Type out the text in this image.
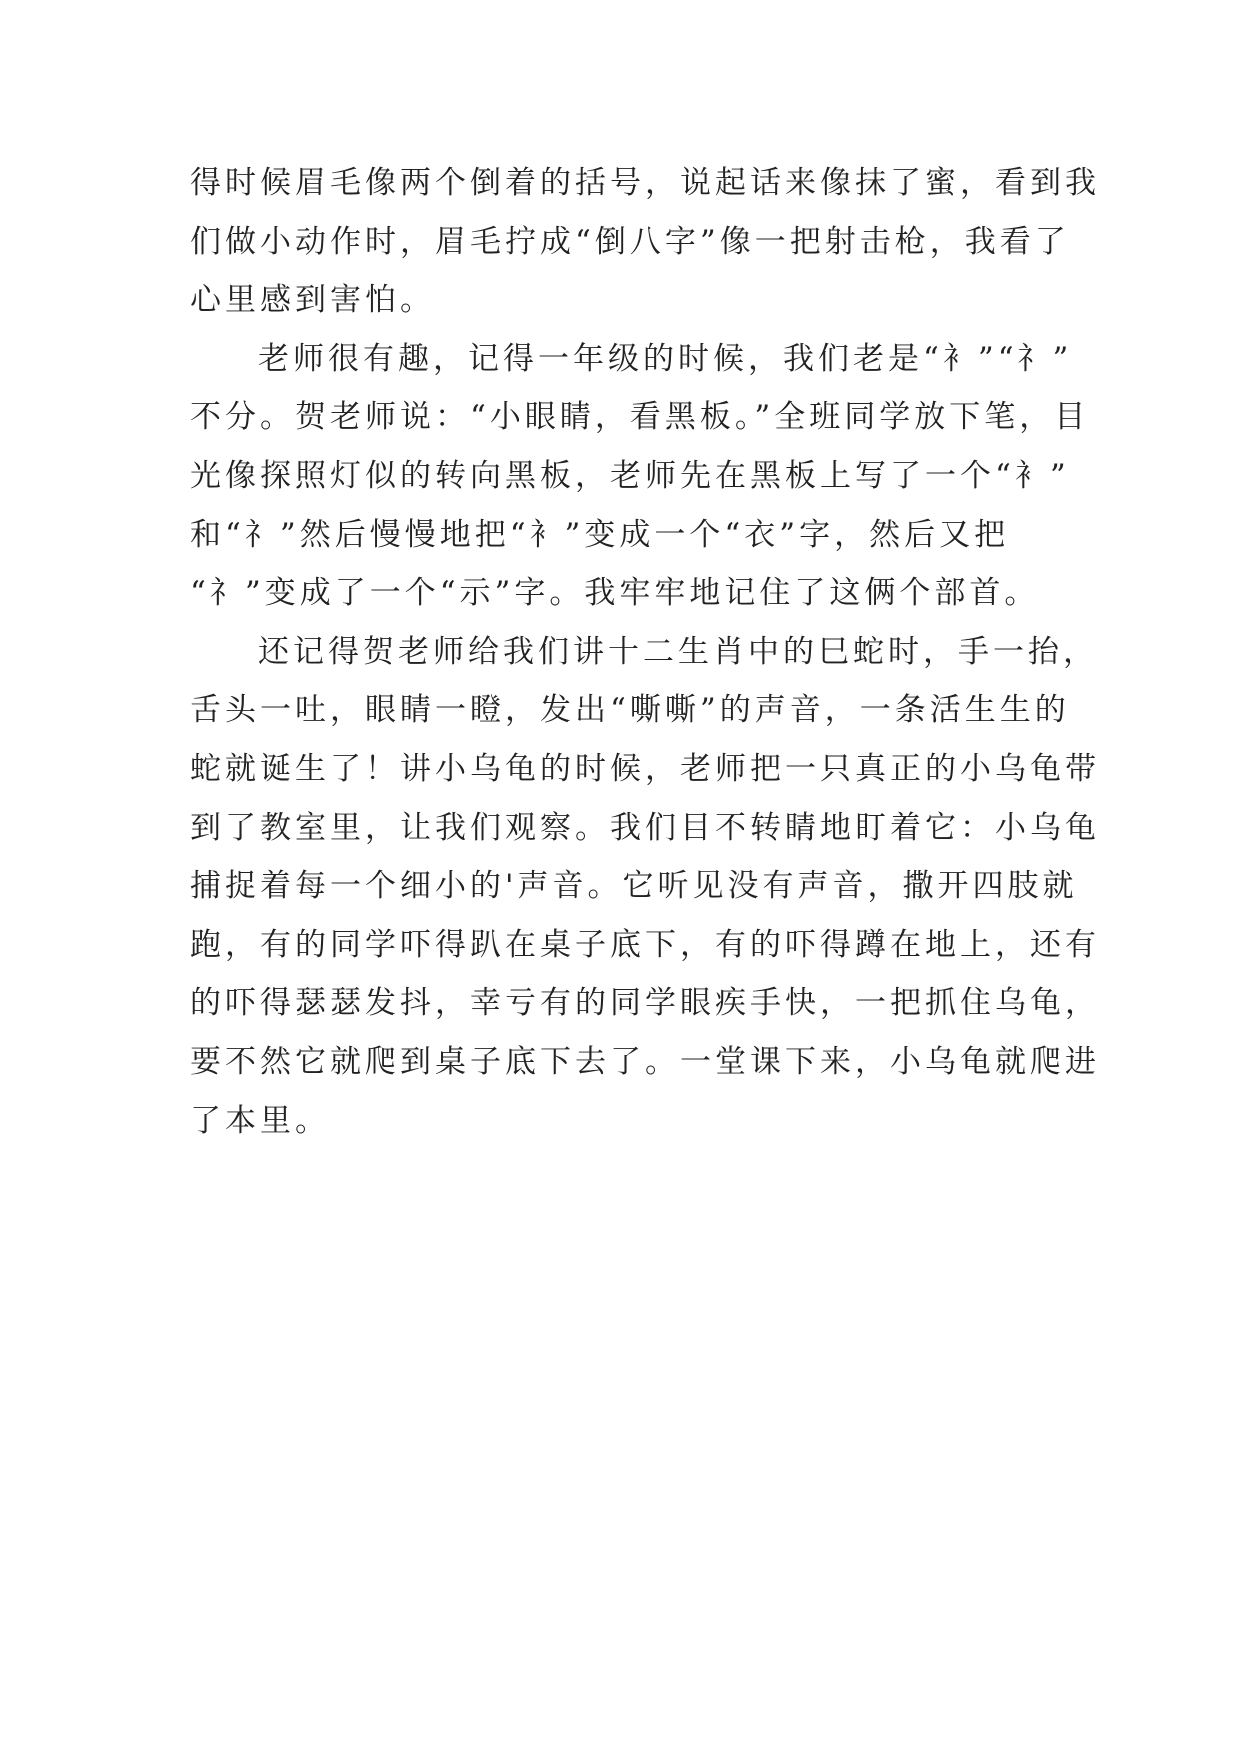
得时候眉毛像两个倒着的括号，说起话来像抹了蜜，看到我
们做小动作时，眉毛拧成“倒八字”像一把射击枪，我看了
心里感到害怕。
老师很有趣，记得一年级的时候，我们老是“衤”“礻”
不分。贺老师说：“小眼睛，看黑板。”全班同学放下笔，目
光像探照灯似的转向黑板，老师先在黑板上写了一个“衤”
和“礻”然后慢慢地把“衤”变成一个“衣”字，然后又把
“礻”变成了一个“示”字。我牢牢地记住了这俩个部首。
还记得贺老师给我们讲十二生肖中的巳蛇时，手一抬，
舌头一吐，眼睛一瞪，发出“嘶嘶”的声音，一条活生生的
蛇就诞生了！讲小乌龟的时候，老师把一只真正的小乌龟带
到了教室里，让我们观察。我们目不转睛地盯着它：小乌龟
捕捉着每一个细小的'声音。它听见没有声音，撒开四肢就
跑，有的同学吓得趴在桌子底下，有的吓得蹲在地上，还有
的吓得瑟瑟发抖，幸亏有的同学眼疾手快，一把抓住乌龟，
要不然它就爬到桌子底下去了。一堂课下来，小乌龟就爬进
了本里。
